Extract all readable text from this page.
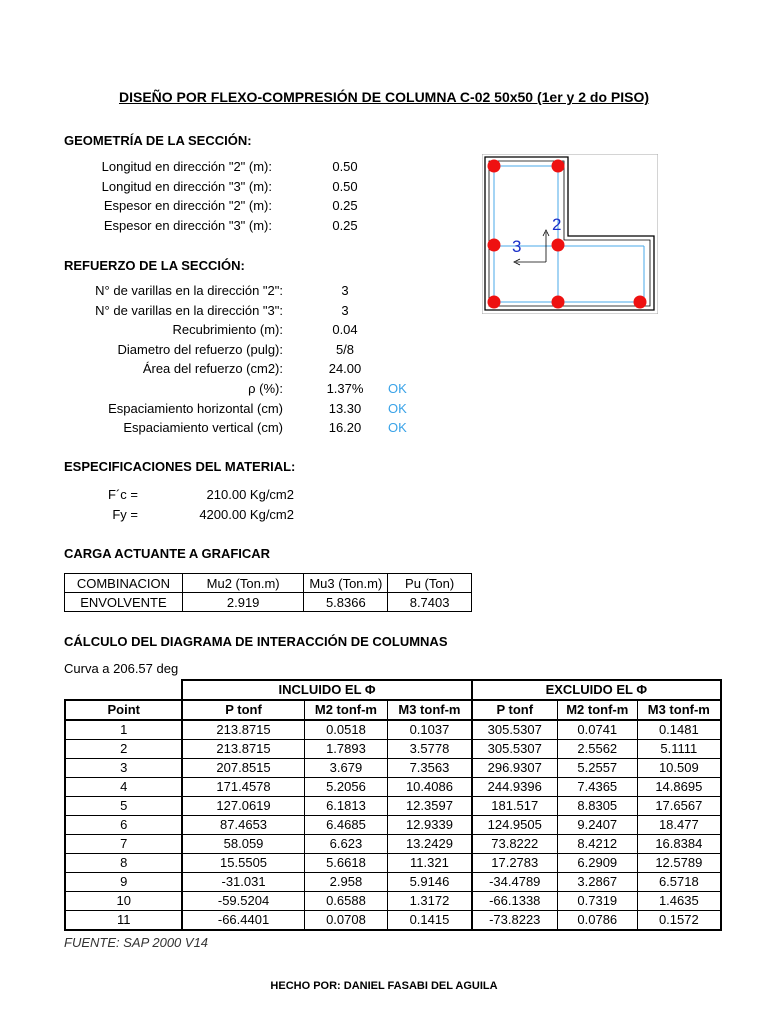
DISEÑO POR FLEXO-COMPRESIÓN DE COLUMNA C-02 50x50 (1er y 2 do PISO)
GEOMETRÍA DE LA SECCIÓN:
Longitud en dirección "2" (m):	0.50
Longitud en dirección "3" (m):	0.50
Espesor en dirección "2" (m):	0.25
Espesor en dirección "3" (m):	0.25	2
3
REFUERZO DE LA SECCIÓN:
N° de varillas en la dirección "2":	3
N° de varillas en la dirección "3":	3
Recubrimiento (m):	0.04
Diametro del refuerzo (pulg):	5/8
Área del refuerzo (cm2):	24.00
ρ (%):	1.37%	OK
Espaciamiento horizontal (cm)	13.30	OK
Espaciamiento vertical (cm)	16.20	OK
ESPECIFICACIONES DEL MATERIAL:
F´c =	210.00 Kg/cm2
Fy =	4200.00 Kg/cm2
CARGA ACTUANTE A GRAFICAR
COMBINACION	Mu2 (Ton.m)	Mu3 (Ton.m)	Pu (Ton)
ENVOLVENTE	2.919	5.8366	8.7403
CÁLCULO DEL DIAGRAMA DE INTERACCIÓN DE COLUMNAS
Curva a 206.57 deg
	INCLUIDO EL Φ			EXCLUIDO EL Φ		
Point	P tonf	M2 tonf-m	M3 tonf-m	P tonf	M2 tonf-m	M3 tonf-m
1	213.8715	0.0518	0.1037	305.5307	0.0741	0.1481
2	213.8715	1.7893	3.5778	305.5307	2.5562	5.1111
3	207.8515	3.679	7.3563	296.9307	5.2557	10.509
4	171.4578	5.2056	10.4086	244.9396	7.4365	14.8695
5	127.0619	6.1813	12.3597	181.517	8.8305	17.6567
6	87.4653	6.4685	12.9339	124.9505	9.2407	18.477
7	58.059	6.623	13.2429	73.8222	8.4212	16.8384
8	15.5505	5.6618	11.321	17.2783	6.2909	12.5789
9	-31.031	2.958	5.9146	-34.4789	3.2867	6.5718
10	-59.5204	0.6588	1.3172	-66.1338	0.7319	1.4635
11	-66.4401	0.0708	0.1415	-73.8223	0.0786	0.1572
FUENTE: SAP 2000 V14
HECHO POR: DANIEL FASABI DEL AGUILA
